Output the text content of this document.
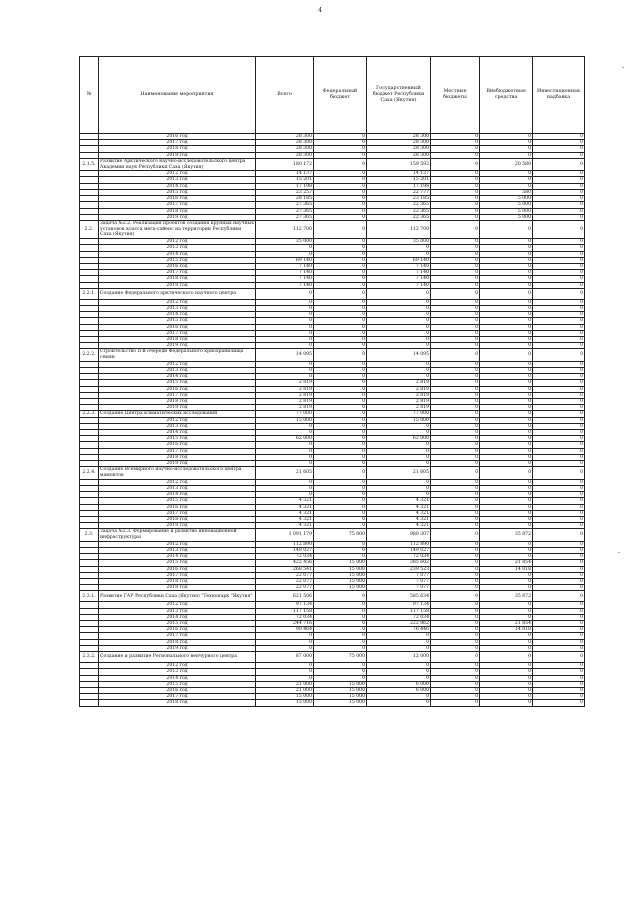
4
-
-
№	Наименование мероприятия	Всего	Федеральный бюджет	Государственный бюджет Республики Саха (Якутия)	Местные бюджеты	Внебюджетные средства	Инвестиционная надбавка
	2016 год	28 300	0	28 300	0	0	0
	2017 год	28 300	0	28 300	0	0	0
	2018 год	28 300	0	28 300	0	0	0
	2019 год	28 300	0	28 300	0	0	0
2.1.5.	Развитие Арктического научно-исследовательского центра Академии наук Республики Саха (Якутия)	180 172	0	159 592	0	20 580	0
	2012 год	14 137	0	14 137	0	0	0
	2013 год	15 201	0	15 201	0	0	0
	2014 год	17 198	0	17 198	0	0	0
	2015 год	23 257	0	22 777	0	580	0
	2016 год	28 185	0	23 185	0	5 000	0
	2017 год	27 365	0	22 365	0	5 000	0
	2018 год	27 365	0	22 365	0	5 000	0
	2019 год	27 365	0	22 365	0	5 000	0
2.2.	Задача №2.2. Реализация проектов создания крупных научных установок класса мега-сайенс на территории Республики Саха (Якутия)	112 700	0	112 700	0	0	0
	2012 год	35 000	0	35 000	0	0	0
	2013 год	0	0	0	0	0	0
	2014 год	0	0	0	0	0	0
	2015 год	69 140	0	69 140	0	0	0
	2016 год	7 140	0	7 140	0	0	0
	2017 год	7 140	0	7 140	0	0	0
	2018 год	7 140	0	7 140	0	0	0
	2019 год	7 140	0	7 140	0	0	0
2.2.1.	Создание Федерального арктического научного центра	0	0	0	0	0	0
	2012 год	0	0	0	0	0	0
	2013 год	0	0	0	0	0	0
	2014 год	0	0	0	0	0	0
	2015 год	0	0	0	0	0	0
	2016 год	0	0	0	0	0	0
	2017 год	0	0	0	0	0	0
	2018 год	0	0	0	0	0	0
	2019 год	0	0	0	0	0	0
2.2.2.	Строительство II-й очереди Федерального криохранилища семян	14 095	0	14 095	0	0	0
	2012 год	0	0	0	0	0	0
	2013 год	0	0	0	0	0	0
	2014 год	0	0	0	0	0	0
	2015 год	2 819	0	2 819	0	0	0
	2016 год	2 819	0	2 819	0	0	0
	2017 год	2 819	0	2 819	0	0	0
	2018 год	2 819	0	2 819	0	0	0
	2019 год	2 819	0	2 819	0	0	0
2.2.3.	Создание Центра климатических исследований	77 000	0	77 000	0	0	0
	2012 год	15 000	0	15 000	0	0	0
	2013 год	0	0	0	0	0	0
	2014 год	0	0	0	0	0	0
	2015 год	62 000	0	62 000	0	0	0
	2016 год	0	0	0	0	0	0
	2017 год	0	0	0	0	0	0
	2018 год	0	0	0	0	0	0
	2019 год	0	0	0	0	0	0
2.2.4.	Создание Всемирного научно-исследовательского центра мамонтов	21 605	0	21 605	0	0	0
	2012 год	0	0	0	0	0	0
	2013 год	0	0	0	0	0	0
	2014 год	0	0	0	0	0	0
	2015 год	4 321	0	4 321	0	0	0
	2016 год	4 321	0	4 321	0	0	0
	2017 год	4 321	0	4 321	0	0	0
	2018 год	4 321	0	4 321	0	0	0
	2019 год	4 321	0	4 321	0	0	0
2.3.	Задача №2.3. Формирование и развитие инновационной инфраструктуры	1 091 179	75 000	980 307	0	35 872	0
	2012 год	112 890	0	112 890	0	0	0
	2013 год	149 027	0	149 027	0	0	0
	2014 год	72 034	0	72 034	0	0	0
	2015 год	422 456	15 000	385 602	0	21 854	0
	2016 год	268 541	15 000	239 523	0	14 018	0
	2017 год	22 077	15 000	7 077	0	0	0
	2018 год	22 077	15 000	7 077	0	0	0
	2019 год	22 077	15 000	7 077	0	0	0
2.3.1.	Развитие ГАУ Республики Саха (Якутия) "Технопарк "Якутия"	621 506	0	585 634	0	35 872	0
	2012 год	97 134	0	97 134	0	0	0
	2013 год	117 158	0	117 158	0	0	0
	2014 год	72 034	0	72 034	0	0	0
	2015 год	244 716	0	222 862	0	21 854	0
	2016 год	90 464	0	76 446	0	14 018	0
	2017 год	0	0	0	0	0	0
	2018 год	0	0	0	0	0	0
	2019 год	0	0	0	0	0	0
2.3.2.	Создание и развитие Регионального венчурного центра	87 000	75 000	12 000	0	0	0
	2012 год	0	0	0	0	0	0
	2013 год	0	0	0	0	0	0
	2014 год	0	0	0	0	0	0
	2015 год	21 000	15 000	6 000	0	0	0
	2016 год	21 000	15 000	6 000	0	0	0
	2017 год	15 000	15 000	0	0	0	0
	2018 год	15 000	15 000	0	0	0	0
